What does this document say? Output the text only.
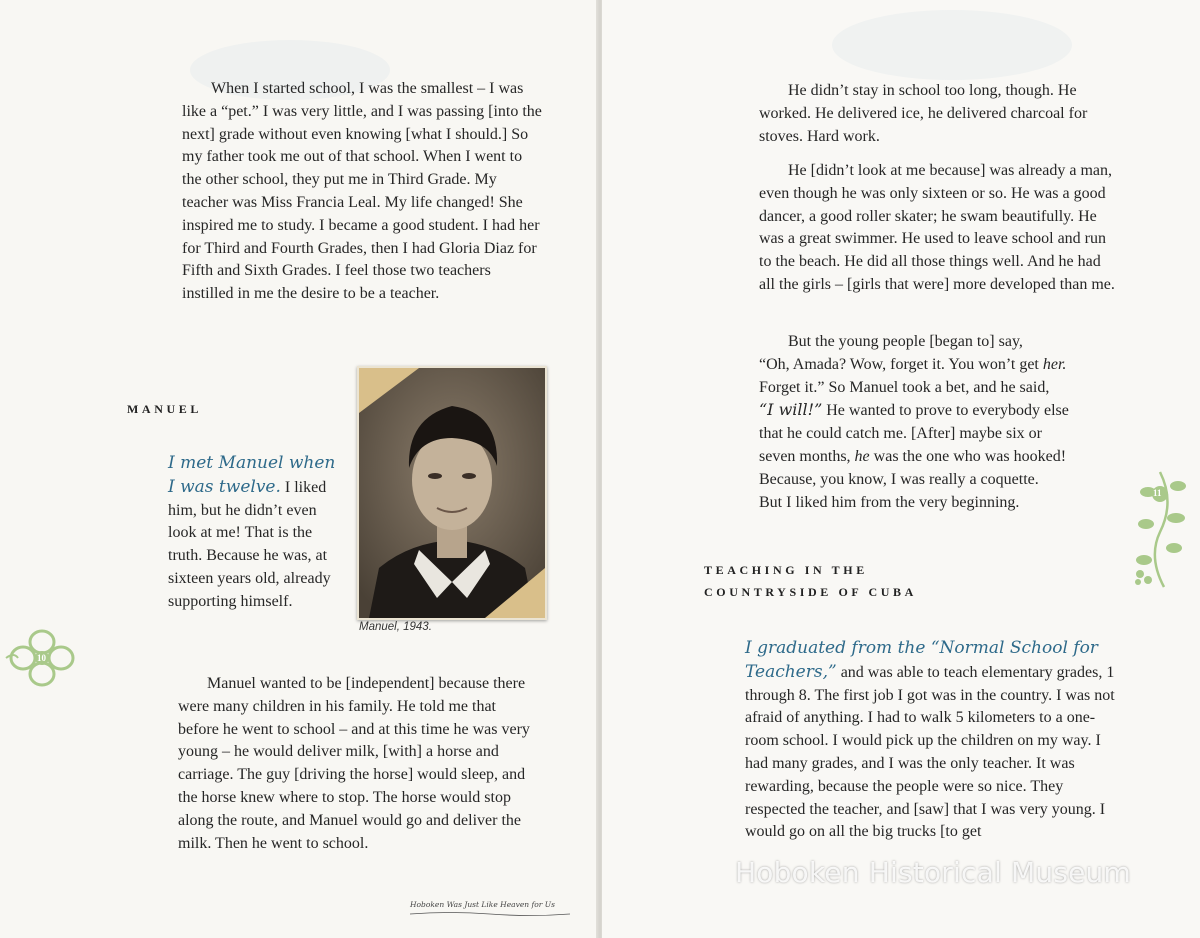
When I started school, I was the smallest – I was like a “pet.” I was very little, and I was passing [into the next] grade without even knowing [what I should.] So my father took me out of that school. When I went to the other school, they put me in Third Grade. My teacher was Miss Francia Leal. My life changed! She inspired me to study. I became a good student. I had her for Third and Fourth Grades, then I had Gloria Diaz for Fifth and Sixth Grades. I feel those two teachers instilled in me the desire to be a teacher.

MANUEL

I met Manuel when I was twelve. I liked him, but he didn’t even look at me! That is the truth. Because he was, at sixteen years old, already supporting himself.

Manuel, 1943.

Manuel wanted to be [independent] because there were many children in his family. He told me that before he went to school – and at this time he was very young – he would deliver milk, [with] a horse and carriage. The guy [driving the horse] would sleep, and the horse knew where to stop. The horse would stop along the route, and Manuel would go and deliver the milk. Then he went to school.

10

Hoboken Was Just Like Heaven for Us

He didn’t stay in school too long, though. He worked. He delivered ice, he delivered charcoal for stoves. Hard work.

He [didn’t look at me because] was already a man, even though he was only sixteen or so. He was a good dancer, a good roller skater; he swam beautifully. He was a great swimmer. He used to leave school and run to the beach. He did all those things well. And he had all the girls – [girls that were] more developed than me.

But the young people [began to] say,

“Oh, Amada? Wow, forget it. You won’t get her.

Forget it.” So Manuel took a bet, and he said,

“I will!” He wanted to prove to everybody else

that he could catch me. [After] maybe six or

seven months, he was the one who was hooked!

Because, you know, I was really a coquette.

But I liked him from the very beginning.

TEACHING IN THE

COUNTRYSIDE OF CUBA

I graduated from the “Normal School for Teachers,” and was able to teach elementary grades, 1 through 8. The first job I got was in the country. I was not afraid of anything. I had to walk 5 kilometers to a one-room school. I would pick up the children on my way. I had many grades, and I was the only teacher. It was rewarding, because the people were so nice. They respected the teacher, and [saw] that I was very young. I would go on all the big trucks [to get

11

Hoboken Historical Museum
